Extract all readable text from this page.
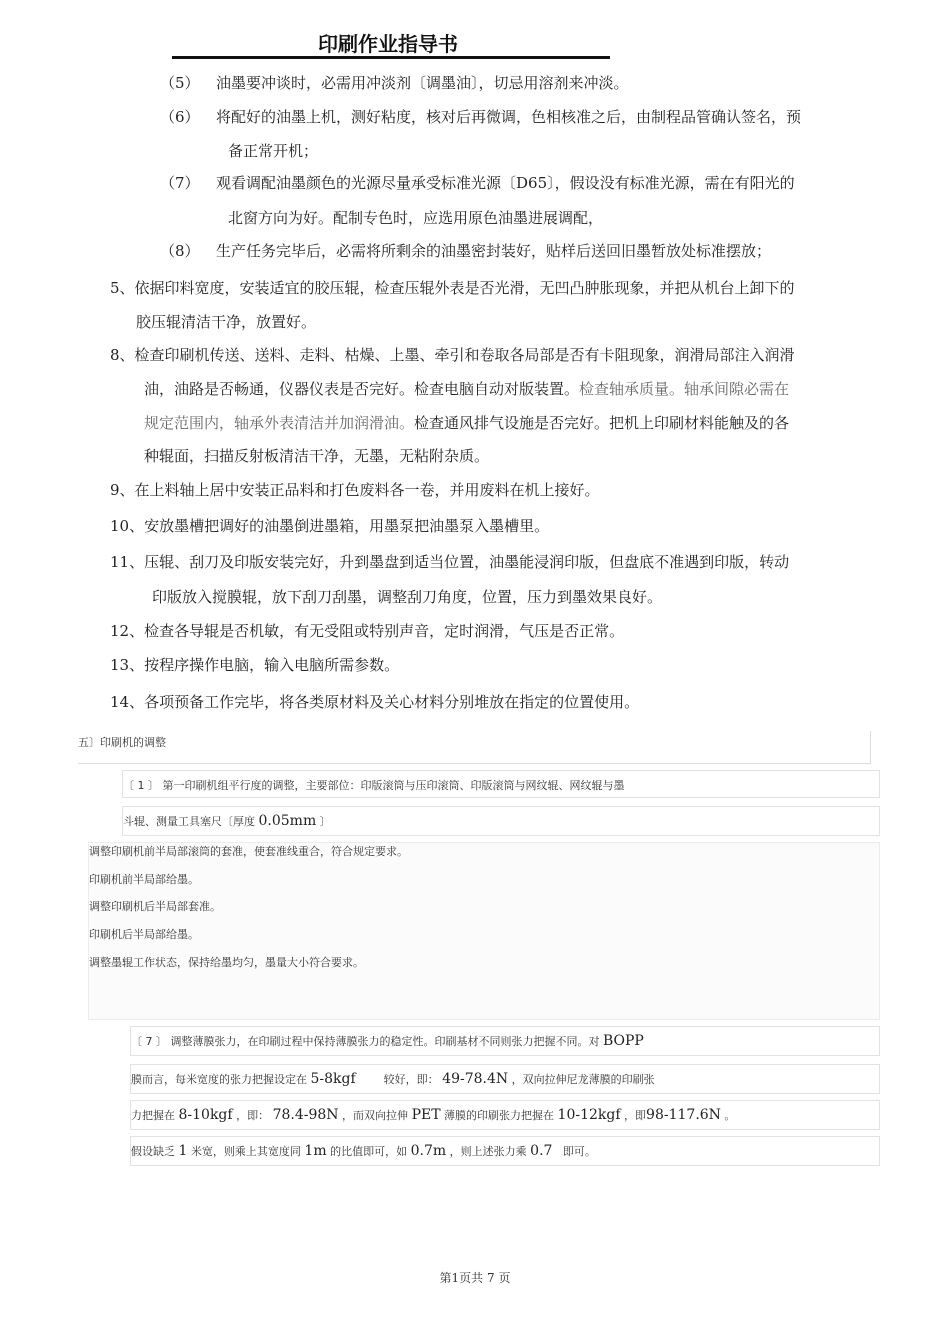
印刷作业指导书
（5） 油墨要冲谈时，必需用冲淡剂〔调墨油〕，切忌用溶剂来冲淡。
（6） 将配好的油墨上机，测好粘度，核对后再微调，色相核准之后，由制程品管确认签名，预
备正常开机；
（7） 观看调配油墨颜色的光源尽量承受标准光源〔D65〕，假设没有标准光源，需在有阳光的
北窗方向为好。配制专色时，应选用原色油墨进展调配，
（8） 生产任务完毕后，必需将所剩余的油墨密封装好，贴样后送回旧墨暂放处标准摆放；
5、依据印料宽度，安装适宜的胶压辊，检查压辊外表是否光滑，无凹凸肿胀现象，并把从机台上卸下的
胶压辊清洁干净，放置好。
8、检查印刷机传送、送料、走料、枯燥、上墨、牵引和卷取各局部是否有卡阻现象，润滑局部注入润滑
油，油路是否畅通，仪器仪表是否完好。检查电脑自动对版装置。检查轴承质量。轴承间隙必需在
规定范围内，轴承外表清洁并加润滑油。检查通风排气设施是否完好。把机上印刷材料能触及的各
种辊面，扫描反射板清洁干净，无墨，无粘附杂质。
9、在上料轴上居中安装正品料和打色废料各一卷，并用废料在机上接好。
10、安放墨槽把调好的油墨倒进墨箱，用墨泵把油墨泵入墨槽里。
11、压辊、刮刀及印版安装完好，升到墨盘到适当位置，油墨能浸润印版，但盘底不准遇到印版，转动
印版放入搅膜辊，放下刮刀刮墨，调整刮刀角度，位置，压力到墨效果良好。
12、检查各导辊是否机敏，有无受阻或特别声音，定时润滑，气压是否正常。
13、按程序操作电脑，输入电脑所需参数。
14、各项预备工作完毕，将各类原材料及关心材料分别堆放在指定的位置使用。
五〕印刷机的调整
〔 1 〕 第一印刷机组平行度的调整，主要部位：印版滚筒与压印滚筒、印版滚筒与网纹辊、网纹辊与墨
斗辊、测量工具塞尺〔厚度 0.05mm 〕
调整印刷机前半局部滚筒的套准，使套准线重合，符合规定要求。
印刷机前半局部给墨。
调整印刷机后半局部套准。
印刷机后半局部给墨。
调整墨辊工作状态，保持给墨均匀，墨量大小符合要求。
〔 7 〕 调整薄膜张力，在印刷过程中保持薄膜张力的稳定性。印刷基材不同则张力把握不同。对 BOPP
膜而言，每米宽度的张力把握设定在 5-8kgf        较好，即： 49-78.4N ，双向拉伸尼龙薄膜的印刷张
力把握在 8-10kgf ，即： 78.4-98N ，而双向拉伸 PET 薄膜的印刷张力把握在 10-12kgf ，即98-117.6N 。
假设缺乏 1 米宽，则乘上其宽度同 1m 的比值即可，如 0.7m ，则上述张力乘 0.7   即可。
第1页共 7 页
